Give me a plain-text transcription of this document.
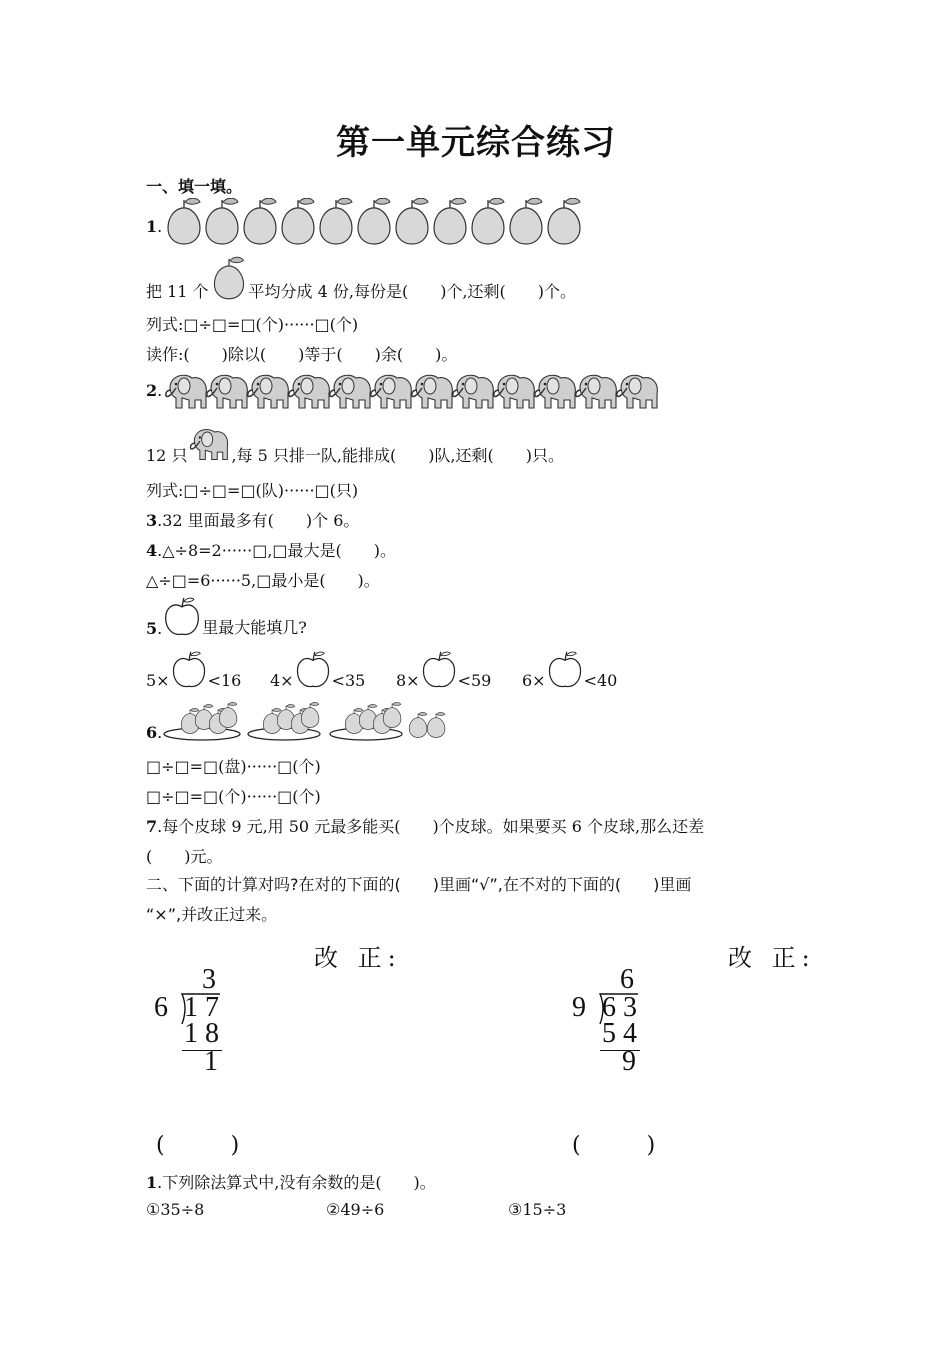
第一单元综合练习
一、填一填。
1 .
把 11 个	平均分成 4 份,每份是(　　)个,还剩(　　)个。
列式:□÷□=□(个)······□(个)
读作:(　　)除以(　　)等于(　　)余(　　)。
2 .
12 只	,每 5 只排一队,能排成(　　)队,还剩(　　)只。
列式:□÷□=□(队)······□(只)
3.32 里面最多有(　　)个 6。
4.△÷8=2······□,□最大是(　　)。
△÷□=6······5,□最小是(　　)。
5 .	里最大能填几?
5× <16 4× <35 8× <59 6× <40
6 .
□÷□=□(盘)······□(个)
□÷□=□(个)······□(个)
7.每个皮球 9 元,用 50 元最多能买(　　)个皮球。如果要买 6 个皮球,那么还差
(　　)元。
二、下面的计算对吗?在对的下面的(　　)里画“√”,在不对的下面的(　　)里画
“×”,并改正过来。
改 正:	改 正:
3
6 1 7
1 8
1
6
9 6 3
5 4
9
(　　　)	(　　　)
1.下列除法算式中,没有余数的是(　　)。
①35÷8	②49÷6	③15÷3
